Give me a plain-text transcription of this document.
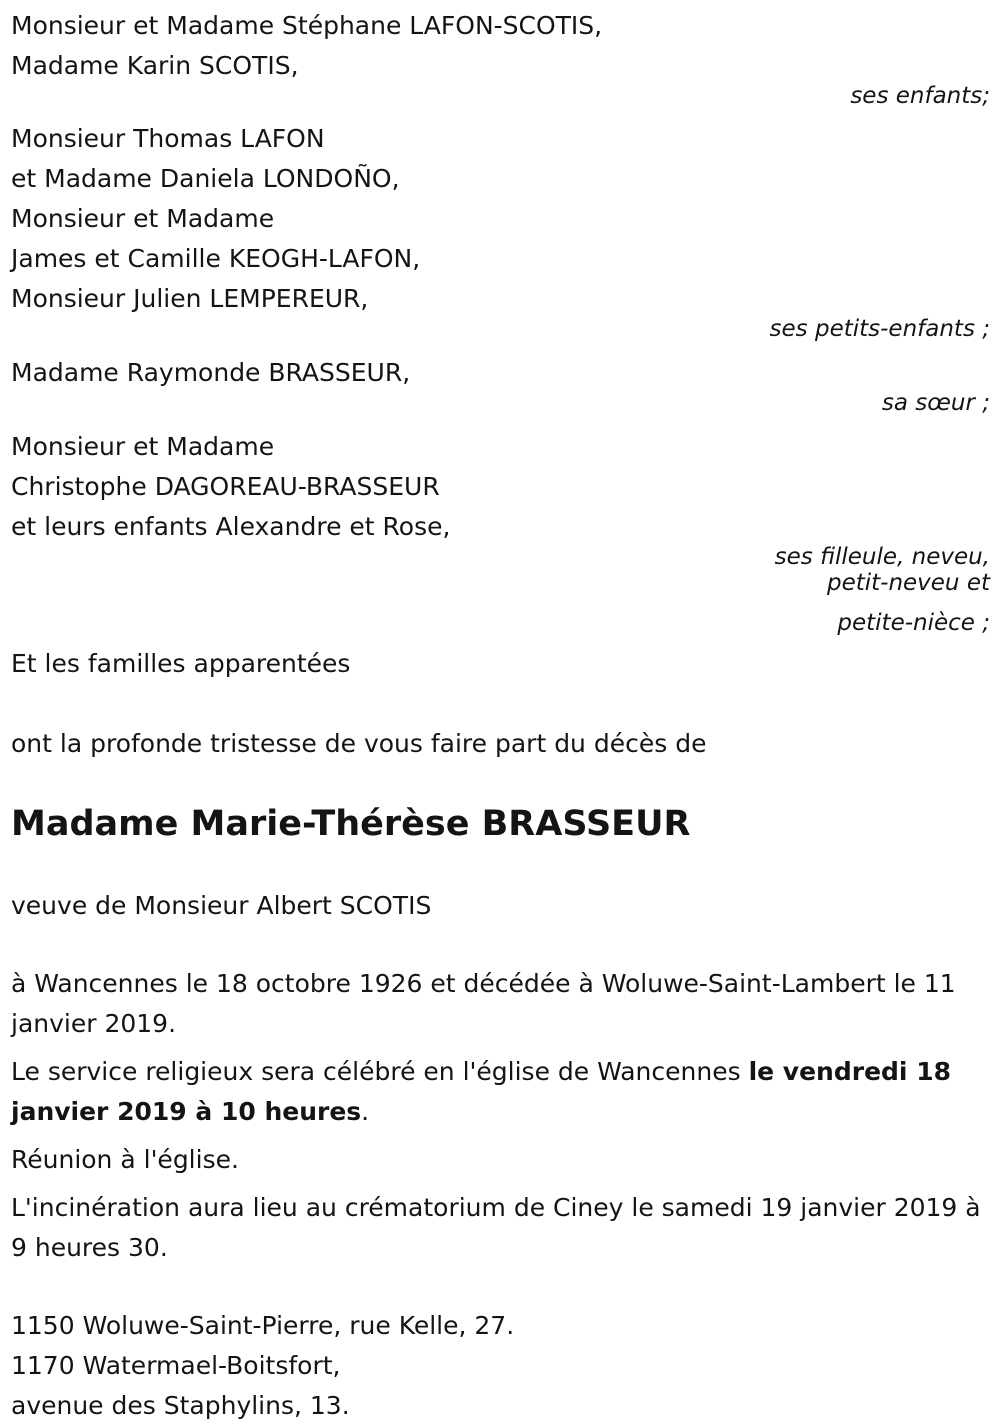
Monsieur et Madame Stéphane LAFON-SCOTIS,
Madame Karin SCOTIS,
ses enfants;
Monsieur Thomas LAFON
et Madame Daniela LONDOÑO,
Monsieur et Madame
James et Camille KEOGH-LAFON,
Monsieur Julien LEMPEREUR,
ses petits-enfants ;
Madame Raymonde BRASSEUR,
sa sœur ;
Monsieur et Madame
Christophe DAGOREAU-BRASSEUR
et leurs enfants Alexandre et Rose,
ses filleule, neveu,
petit-neveu et
petite-nièce ;
Et les familles apparentées
ont la profonde tristesse de vous faire part du décès de
Madame Marie-Thérèse BRASSEUR
veuve de Monsieur Albert SCOTIS
à Wancennes le 18 octobre 1926 et décédée à Woluwe-Saint-Lambert le 11 janvier 2019.
Le service religieux sera célébré en l'église de Wancennes le vendredi 18 janvier 2019 à 10 heures.
Réunion à l'église.
L'incinération aura lieu au crématorium de Ciney le samedi 19 janvier 2019 à 9 heures 30.
1150 Woluwe-Saint-Pierre, rue Kelle, 27.
1170 Watermael-Boitsfort,
avenue des Staphylins, 13.
